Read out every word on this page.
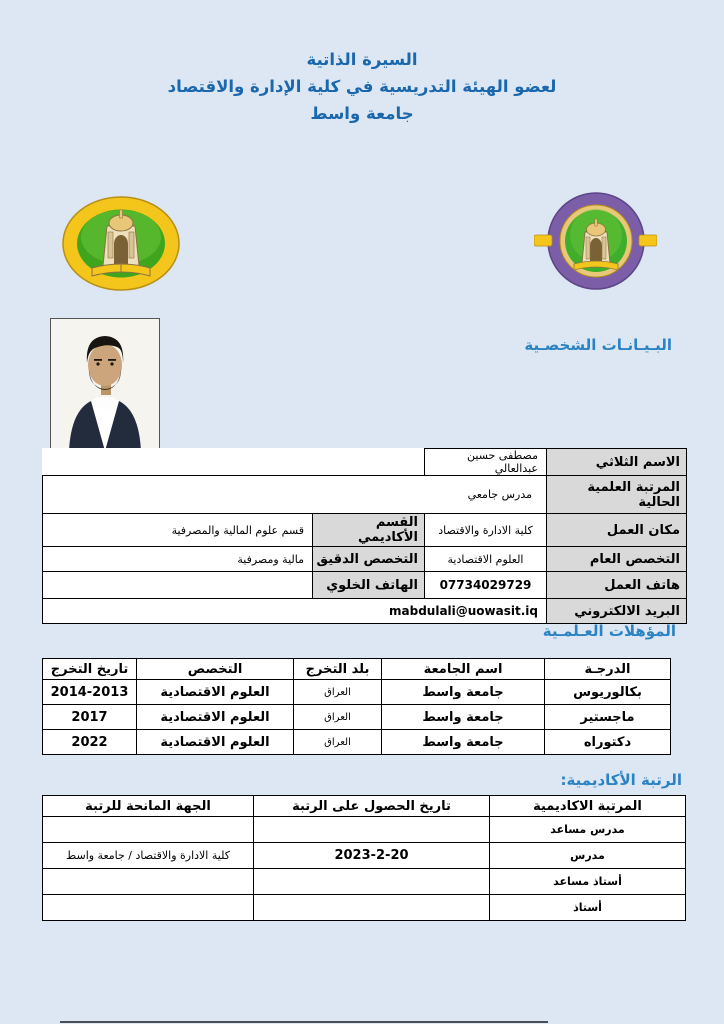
السيرة الذاتية
لعضو الهيئة التدريسية في كلية الإدارة والاقتصاد
جامعة واسط
البـيـانـات الشخصـية
الاسم الثلاثي	مصطفى حسين عبدالعالي		
المرتبة العلمية الحالية	مدرس جامعي		
مكان العمل	كلية الادارة والاقتصاد	القسم الأكاديمي	قسم علوم المالية والمصرفية
التخصص العام	العلوم الاقتصادية	التخصص الدقيق	مالية ومصرفية
هاتف العمل	07734029729	الهاتف الخلوي	
البريد الالكتروني	mabdulali@uowasit.iq		
المؤهلات العـلمـية
الدرجـة	اسم الجامعة	بلد التخرج	التخصص	تاريخ التخرج
بكالوريوس	جامعة واسط	العراق	العلوم الاقتصادية	2014-2013
ماجستير	جامعة واسط	العراق	العلوم الاقتصادية	2017
دكتوراه	جامعة واسط	العراق	العلوم الاقتصادية	2022
الرتبة الأكاديمية:
المرتبة الاكاديمية	تاريخ الحصول على الرتبة	الجهة المانحة للرتبة
مدرس مساعد		
مدرس	2023-2-20	كلية الادارة والاقتصاد / جامعة واسط
أستاذ مساعد		
أستاذ		
